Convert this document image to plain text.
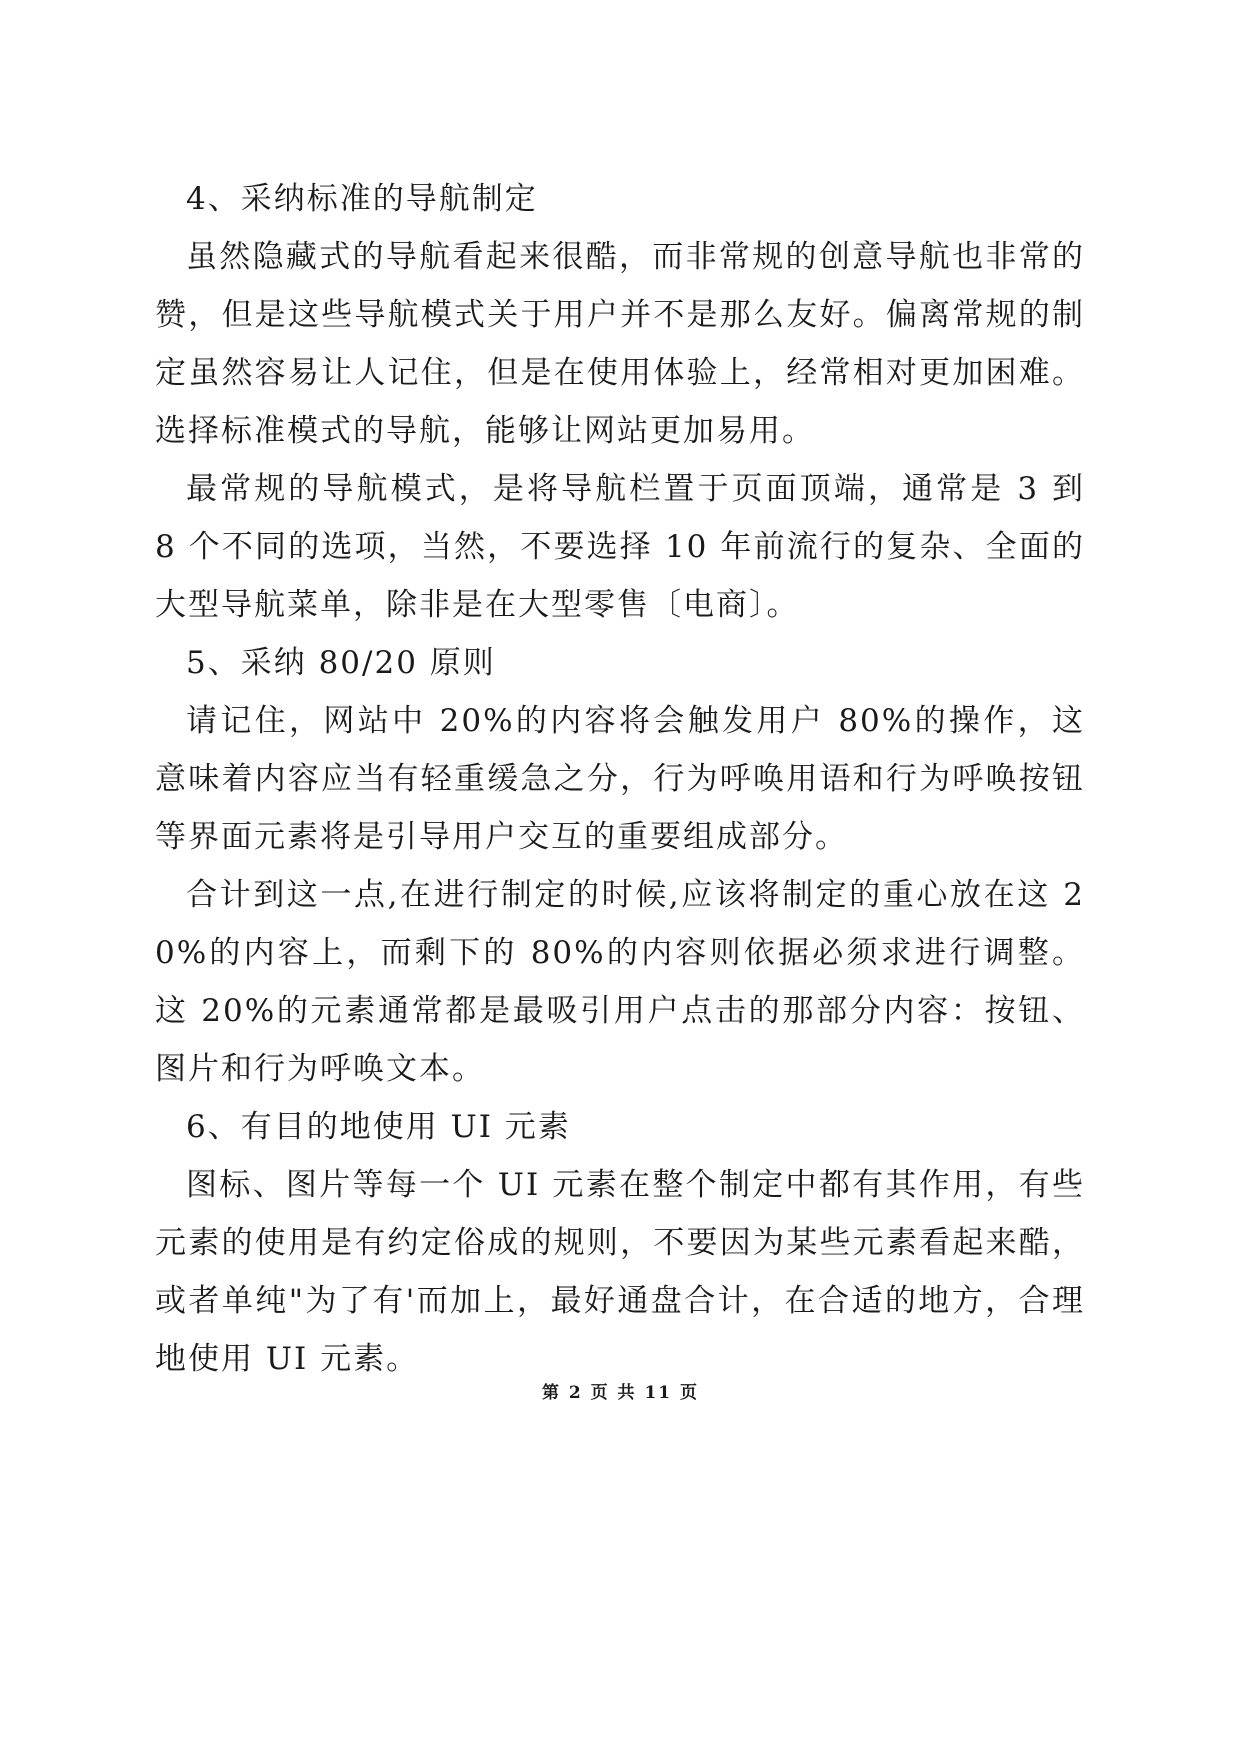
4、采纳标准的导航制定

虽然隐藏式的导航看起来很酷，而非常规的创意导航也非常的赞，但是这些导航模式关于用户并不是那么友好。偏离常规的制定虽然容易让人记住，但是在使用体验上，经常相对更加困难。选择标准模式的导航，能够让网站更加易用。

最常规的导航模式，是将导航栏置于页面顶端，通常是 3 到 8 个不同的选项，当然，不要选择 10 年前流行的复杂、全面的大型导航菜单，除非是在大型零售〔电商〕。

5、采纳 80/20 原则

请记住，网站中 20%的内容将会触发用户 80%的操作，这意味着内容应当有轻重缓急之分，行为呼唤用语和行为呼唤按钮等界面元素将是引导用户交互的重要组成部分。

合计到这一点,在进行制定的时候,应该将制定的重心放在这 20%的内容上，而剩下的 80%的内容则依据必须求进行调整。这 20%的元素通常都是最吸引用户点击的那部分内容：按钮、图片和行为呼唤文本。

6、有目的地使用 UI 元素

图标、图片等每一个 UI 元素在整个制定中都有其作用，有些元素的使用是有约定俗成的规则，不要因为某些元素看起来酷，或者单纯"为了有'而加上，最好通盘合计，在合适的地方，合理地使用 UI 元素。

第 2 页 共 11 页
